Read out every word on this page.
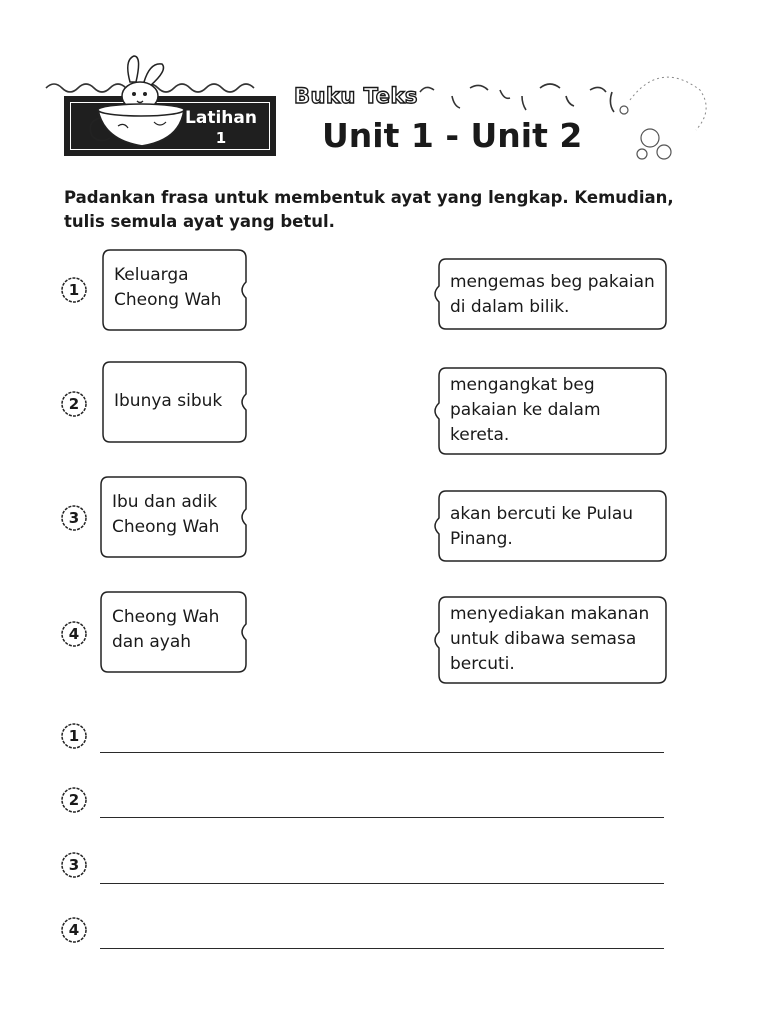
Latihan
1
Buku Teks
Unit 1 - Unit 2
Padankan frasa untuk membentuk ayat yang lengkap. Kemudian, tulis semula ayat yang betul.
1
2
3
4
Keluarga
Cheong Wah
Ibunya sibuk
Ibu dan adik
Cheong Wah
Cheong Wah
dan ayah
mengemas beg pakaian
di dalam bilik.
mengangkat beg
pakaian ke dalam
kereta.
akan bercuti ke Pulau
Pinang.
menyediakan makanan
untuk dibawa semasa
bercuti.
1
2
3
4
